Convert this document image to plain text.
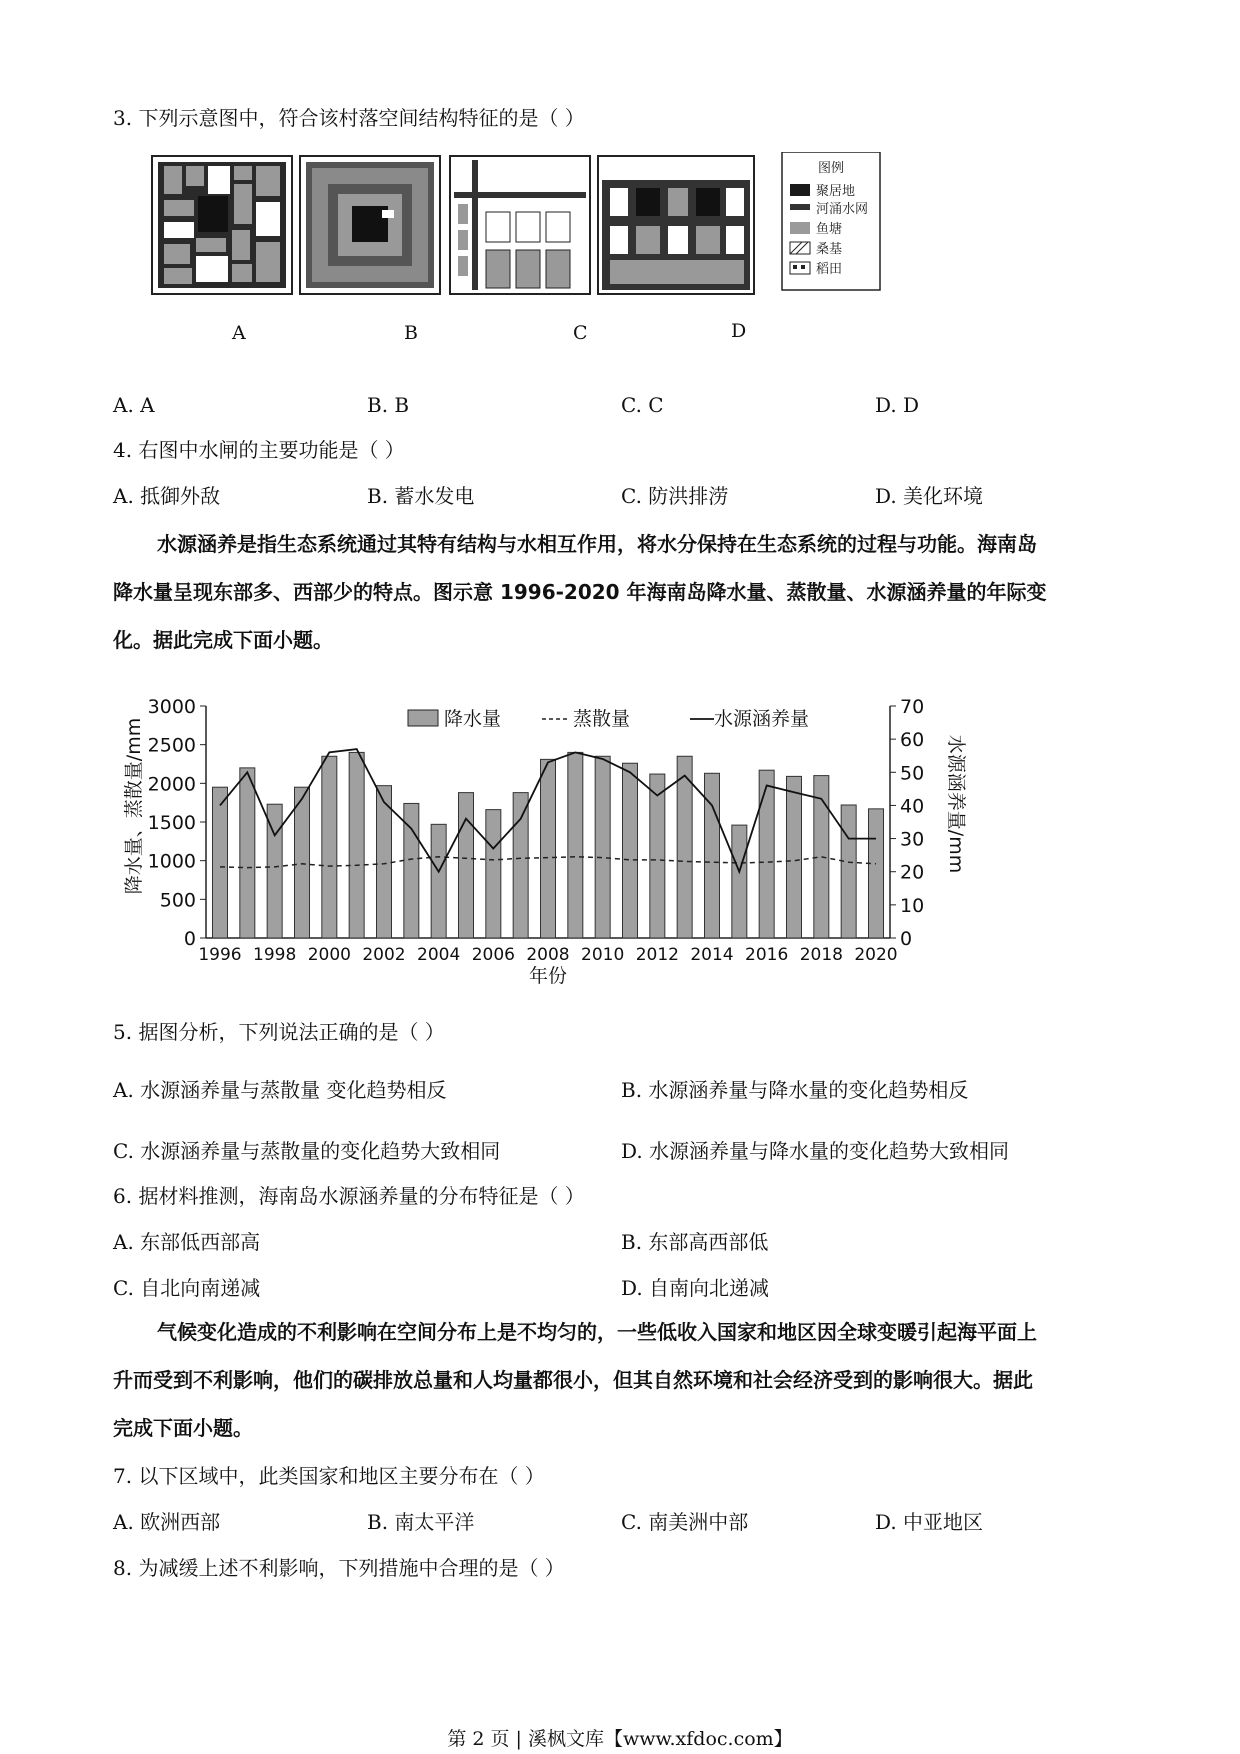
3. 下列示意图中，符合该村落空间结构特征的是（ ）
图例
聚居地
河涌水网
鱼塘
桑基
稻田
A	B	C	D
A. A	B. B	C. C	D. D
4. 右图中水闸的主要功能是（ ）
A. 抵御外敌	B. 蓄水发电	C. 防洪排涝	D. 美化环境
水源涵养是指生态系统通过其特有结构与水相互作用，将水分保持在生态系统的过程与功能。海南岛
降水量呈现东部多、西部少的特点。图示意 1996-2020 年海南岛降水量、蒸散量、水源涵养量的年际变
化。据此完成下面小题。
0
500
1000
1500
2000
2500
3000
0
10
20
30
40
50
60
70
1996 1998 2000 2002 2004 2006 2008 2010 2012 2014 2016 2018 2020
降水量	蒸散量	水源涵养量
年份
降水量、蒸散量/mm	水源涵养量/mm
5. 据图分析，下列说法正确的是（ ）
A. 水源涵养量与蒸散量 变化趋势相反	B. 水源涵养量与降水量的变化趋势相反
C. 水源涵养量与蒸散量的变化趋势大致相同	D. 水源涵养量与降水量的变化趋势大致相同
6. 据材料推测，海南岛水源涵养量的分布特征是（ ）
A. 东部低西部高	B. 东部高西部低
C. 自北向南递减	D. 自南向北递减
气候变化造成的不利影响在空间分布上是不均匀的，一些低收入国家和地区因全球变暖引起海平面上
升而受到不利影响，他们的碳排放总量和人均量都很小，但其自然环境和社会经济受到的影响很大。据此
完成下面小题。
7. 以下区域中，此类国家和地区主要分布在（ ）
A. 欧洲西部	B. 南太平洋	C. 南美洲中部	D. 中亚地区
8. 为减缓上述不利影响，下列措施中合理的是（ ）
第 2 页 | 溪枫文库【www.xfdoc.com】
